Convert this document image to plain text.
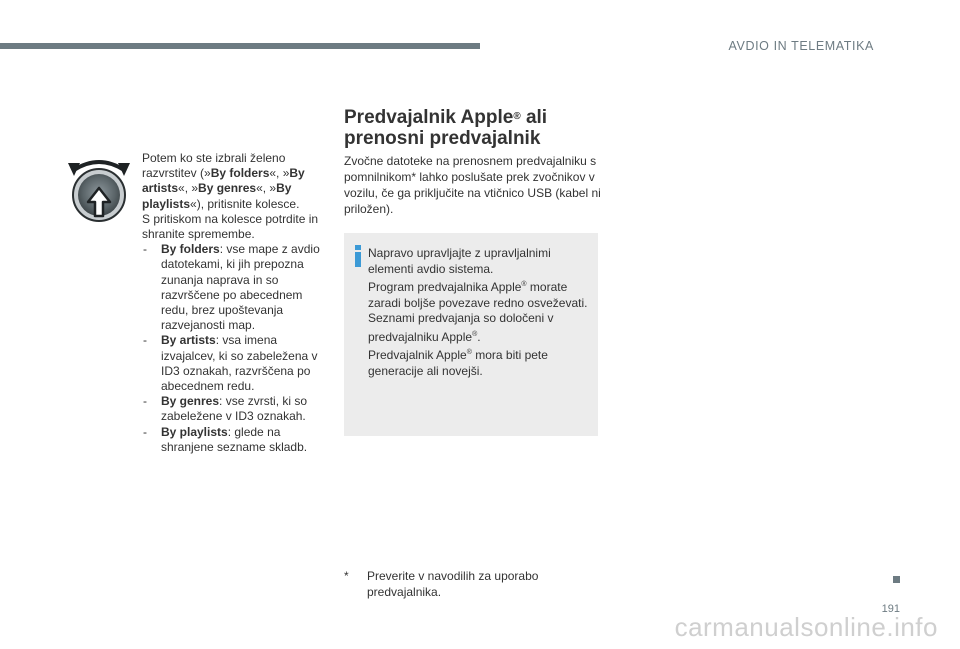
AVDIO IN TELEMATIKA

Potem ko ste izbrali želeno razvrstitev (»By folders«, »By artists«, »By genres«, »By playlists«), pritisnite kolesce.

S pritiskom na kolesce potrdite in shranite spremembe.

- By folders: vse mape z avdio datotekami, ki jih prepozna zunanja naprava in so razvrščene po abecednem redu, brez upoštevanja razvejanosti map.
- By artists: vsa imena izvajalcev, ki so zabeležena v ID3 oznakah, razvrščena po abecednem redu.
- By genres: vse zvrsti, ki so zabeležene v ID3 oznakah.
- By playlists: glede na shranjene sezname skladb.
Predvajalnik Apple® ali prenosni predvajalnik

Zvočne datoteke na prenosnem predvajalniku s pomnilnikom* lahko poslušate prek zvočnikov v vozilu, če ga priključite na vtičnico USB (kabel ni priložen).

Napravo upravljajte z upravljalnimi elementi avdio sistema.

Program predvajalnika Apple® morate zaradi boljše povezave redno osveževati.

Seznami predvajanja so določeni v predvajalniku Apple®.

Predvajalnik Apple® mora biti pete generacije ali novejši.

* Preverite v navodilih za uporabo predvajalnika.
191
carmanualsonline.info
